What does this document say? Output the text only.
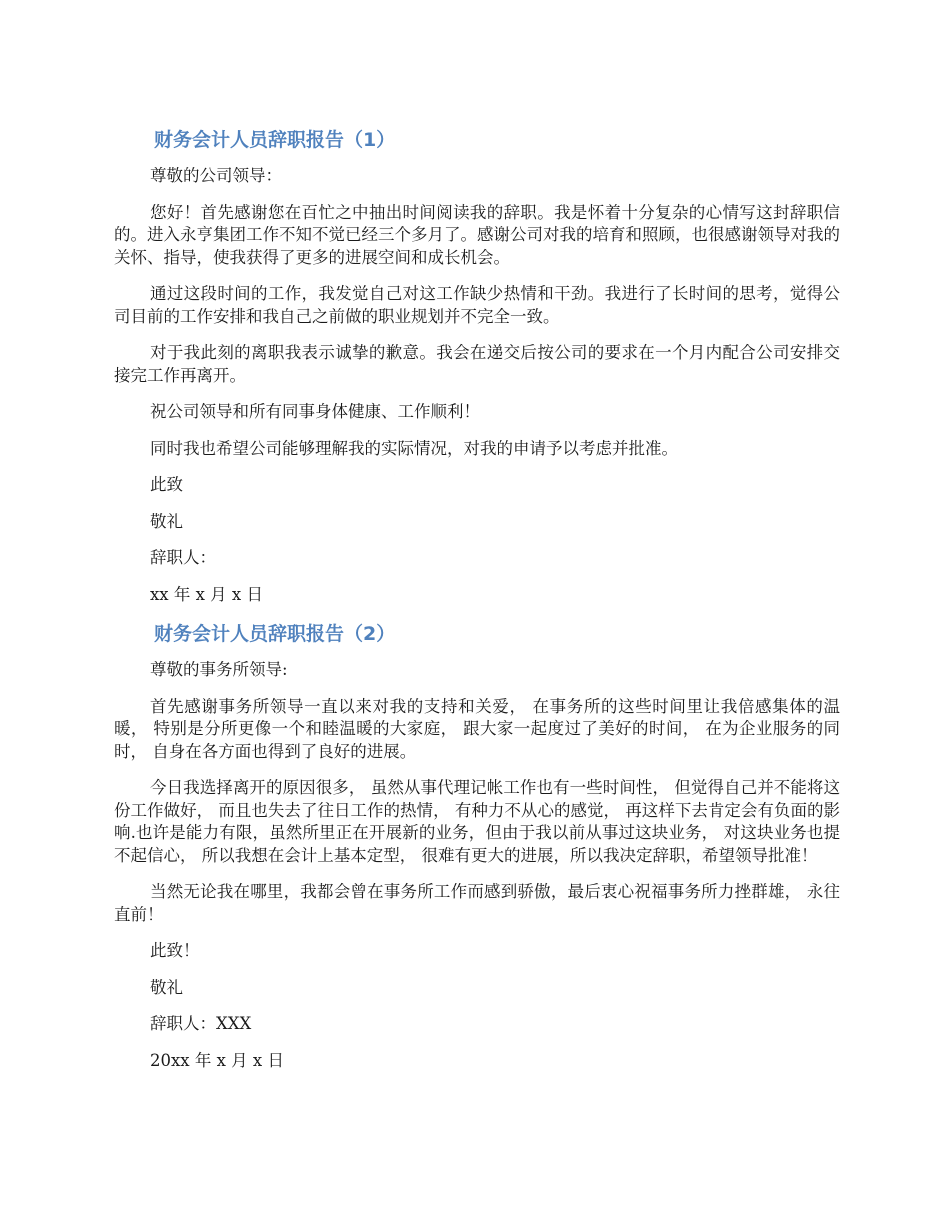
财务会计人员辞职报告（1）

尊敬的公司领导：

您好！首先感谢您在百忙之中抽出时间阅读我的辞职。我是怀着十分复杂的心情写这封辞职信的。进入永亨集团工作不知不觉已经三个多月了。感谢公司对我的培育和照顾，也很感谢领导对我的关怀、指导，使我获得了更多的进展空间和成长机会。

通过这段时间的工作，我发觉自己对这工作缺少热情和干劲。我进行了长时间的思考，觉得公司目前的工作安排和我自己之前做的职业规划并不完全一致。

对于我此刻的离职我表示诚挚的歉意。我会在递交后按公司的要求在一个月内配合公司安排交接完工作再离开。

祝公司领导和所有同事身体健康、工作顺利！

同时我也希望公司能够理解我的实际情况，对我的申请予以考虑并批准。

此致

敬礼

辞职人：

xx 年 x 月 x 日

财务会计人员辞职报告（2）

尊敬的事务所领导:

首先感谢事务所领导一直以来对我的支持和关爱， 在事务所的这些时间里让我倍感集体的温暖， 特别是分所更像一个和睦温暖的大家庭， 跟大家一起度过了美好的时间， 在为企业服务的同时， 自身在各方面也得到了良好的进展。

今日我选择离开的原因很多， 虽然从事代理记帐工作也有一些时间性， 但觉得自己并不能将这份工作做好， 而且也失去了往日工作的热情， 有种力不从心的感觉， 再这样下去肯定会有负面的影响.也许是能力有限，虽然所里正在开展新的业务，但由于我以前从事过这块业务， 对这块业务也提不起信心， 所以我想在会计上基本定型， 很难有更大的进展，所以我决定辞职，希望领导批准！

当然无论我在哪里，我都会曾在事务所工作而感到骄傲，最后衷心祝福事务所力挫群雄， 永往直前！

此致！

敬礼

辞职人：XXX

20xx 年 x 月 x 日
